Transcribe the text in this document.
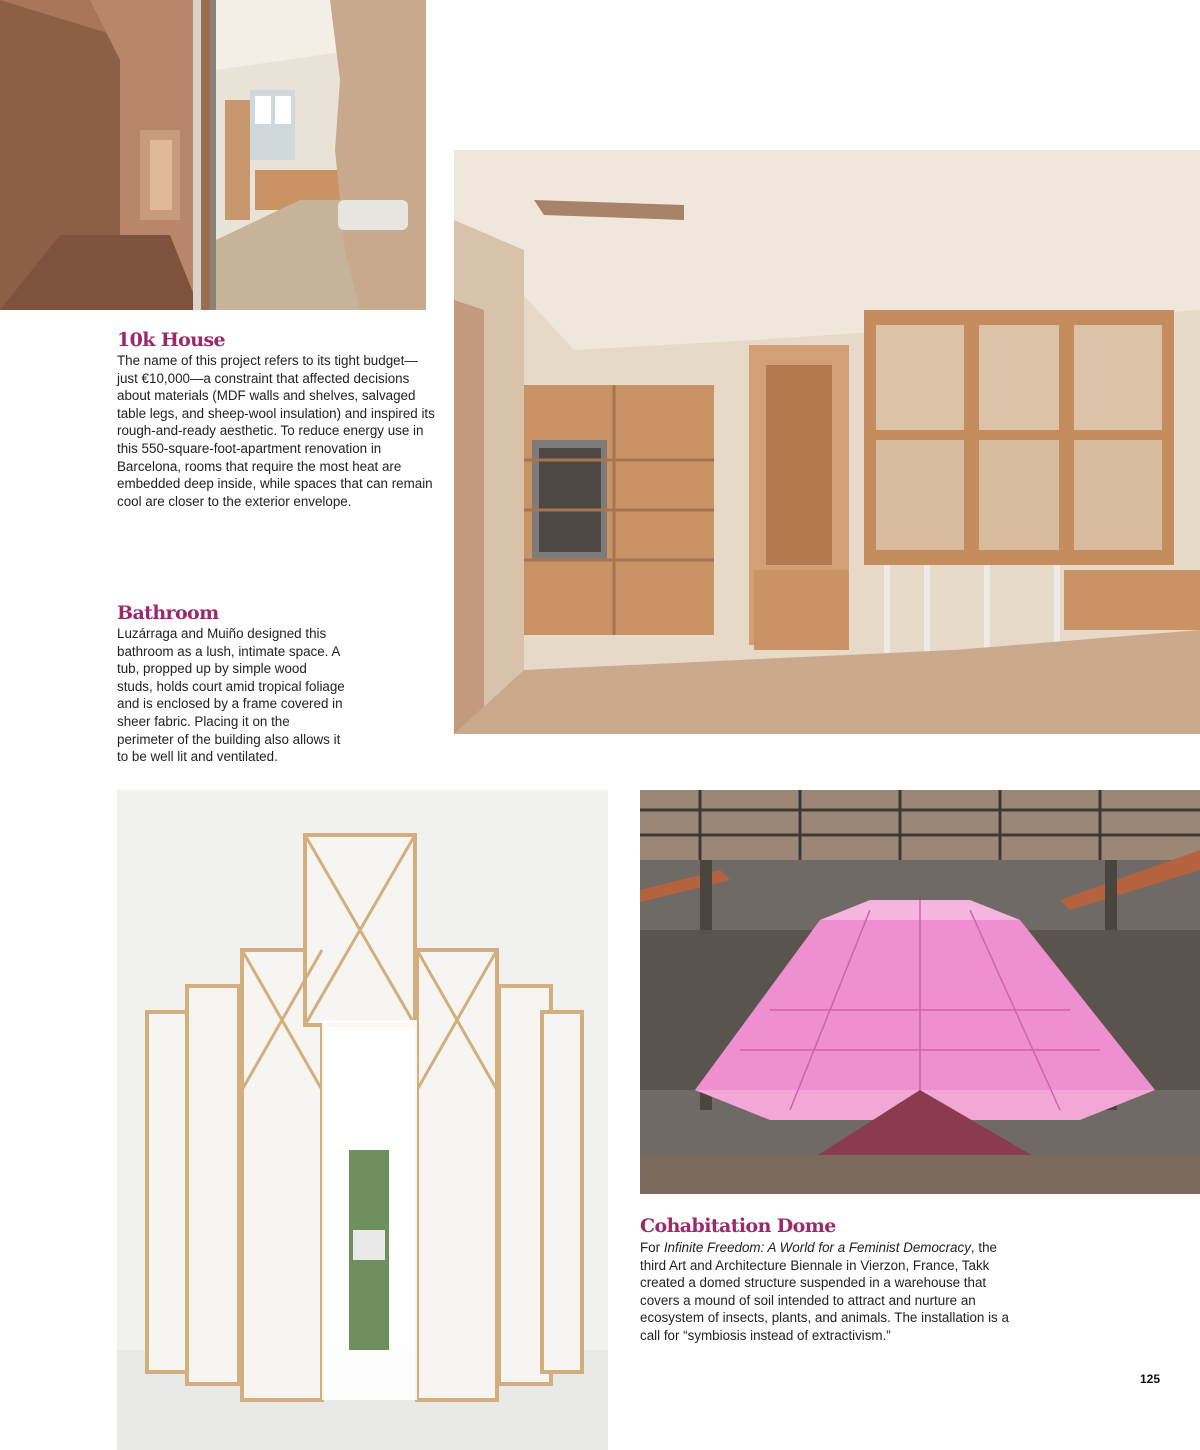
10k House

The name of this project refers to its tight budget—just €10,000—a constraint that affected decisions about materials (MDF walls and shelves, salvaged table legs, and sheep-wool insulation) and inspired its rough-and-ready aesthetic. To reduce energy use in this 550-square-foot-apartment renovation in Barcelona, rooms that require the most heat are embedded deep inside, while spaces that can remain cool are closer to the exterior envelope.

Bathroom

Luzárraga and Muiño designed this bathroom as a lush, intimate space. A tub, propped up by simple wood studs, holds court amid tropical foliage and is enclosed by a frame covered in sheer fabric. Placing it on the perimeter of the building also allows it to be well lit and ventilated.

Cohabitation Dome

For Infinite Freedom: A World for a Feminist Democracy, the third Art and Architecture Biennale in Vierzon, France, Takk created a domed structure suspended in a warehouse that covers a mound of soil intended to attract and nurture an ecosystem of insects, plants, and animals. The installation is a call for “symbiosis instead of extractivism.”

125
